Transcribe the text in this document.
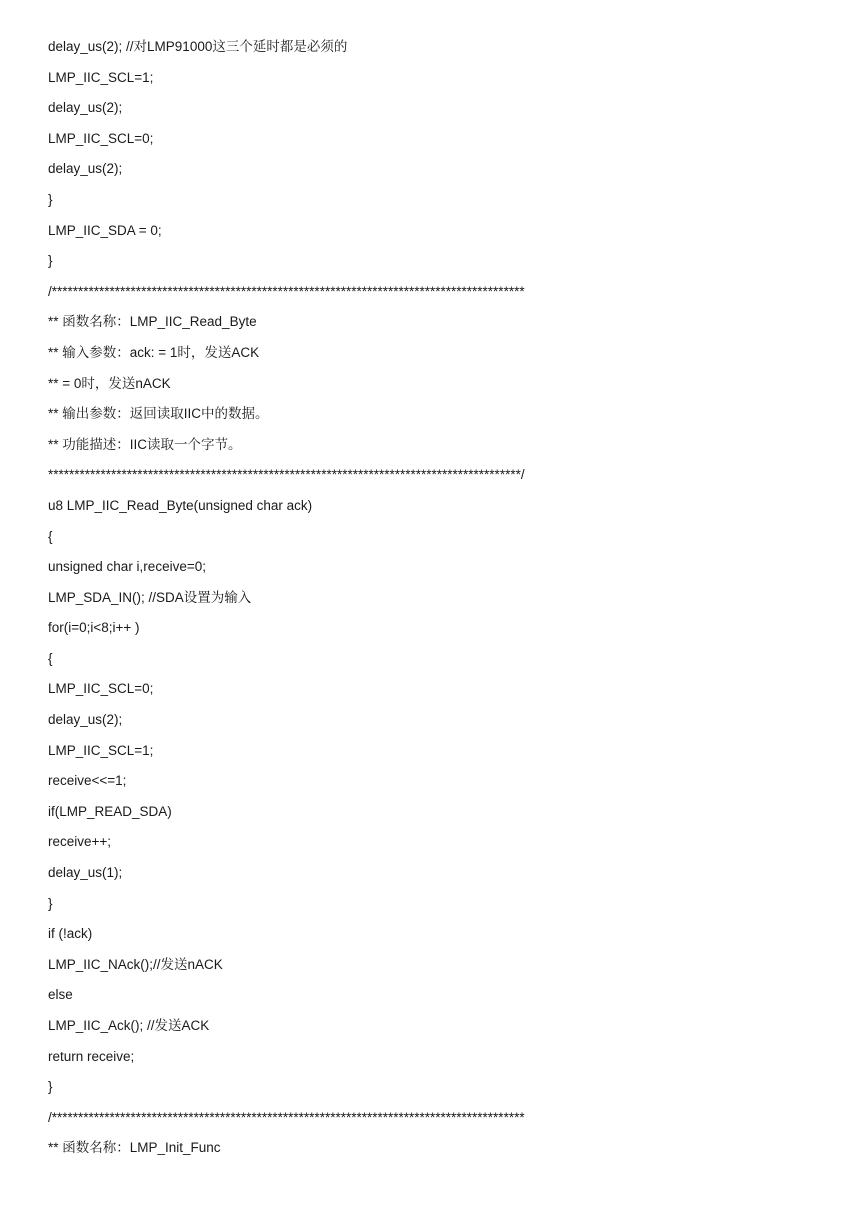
delay_us(2); //对LMP91000这三个延时都是必须的
LMP_IIC_SCL=1;
delay_us(2);
LMP_IIC_SCL=0;
delay_us(2);
}
LMP_IIC_SDA = 0;
}
/******************************************************************************************
** 函数名称：LMP_IIC_Read_Byte
** 输入参数：ack: = 1时，发送ACK
** = 0时，发送nACK
** 输出参数：返回读取IIC中的数据。
** 功能描述：IIC读取一个字节。
******************************************************************************************/
u8 LMP_IIC_Read_Byte(unsigned char ack)
{
unsigned char i,receive=0;
LMP_SDA_IN(); //SDA设置为输入
for(i=0;i<8;i++ )
{
LMP_IIC_SCL=0;
delay_us(2);
LMP_IIC_SCL=1;
receive<<=1;
if(LMP_READ_SDA)
receive++;
delay_us(1);
}
if (!ack)
LMP_IIC_NAck();//发送nACK
else
LMP_IIC_Ack(); //发送ACK
return receive;
}
/******************************************************************************************
** 函数名称：LMP_Init_Func
